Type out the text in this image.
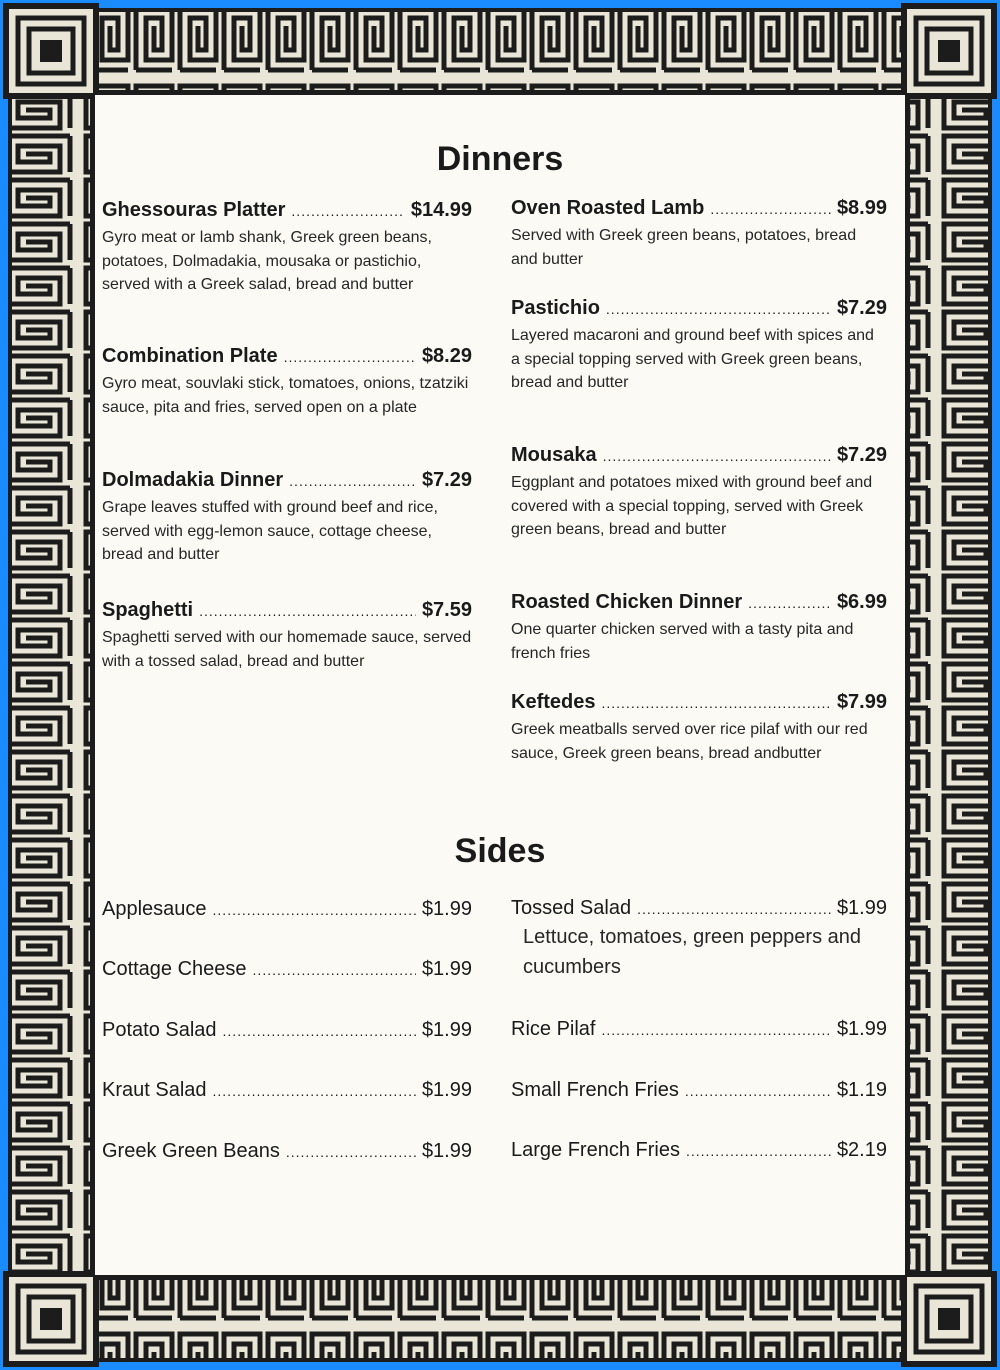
Dinners
Sides
Ghessouras Platter .....	$14.99
Gyro meat or lamb shank, Greek green beans, potatoes, Dolmadakia, mousaka or pastichio, served with a Greek salad, bread and butter
Combination Plate .....	$8.29
Gyro meat, souvlaki stick, tomatoes, onions, tzatziki sauce, pita and fries, served open on a plate
Dolmadakia Dinner .....	$7.29
Grape leaves stuffed with ground beef and rice, served with egg-lemon sauce, cottage cheese, bread and butter
Spaghetti .....	$7.59
Spaghetti served with our homemade sauce, served with a tossed salad, bread and butter
Oven Roasted Lamb .....	$8.99
Served with Greek green beans, potatoes, bread and butter
Pastichio .....	$7.29
Layered macaroni and ground beef with spices and a special topping served with Greek green beans, bread and butter
Mousaka .....	$7.29
Eggplant and potatoes mixed with ground beef and covered with a special topping, served with Greek green beans, bread and butter
Roasted Chicken Dinner .....	$6.99
One quarter chicken served with a tasty pita and french fries
Keftedes .....	$7.99
Greek meatballs served over rice pilaf with our red sauce, Greek green beans, bread andbutter
Applesauce .....	$1.99
Cottage Cheese .....	$1.99
Potato Salad .....	$1.99
Kraut Salad .....	$1.99
Greek Green Beans .....	$1.99
Tossed Salad .....	$1.99
Lettuce, tomatoes, green peppers and cucumbers
Rice Pilaf .....	$1.99
Small French Fries .....	$1.19
Large French Fries .....	$2.19
